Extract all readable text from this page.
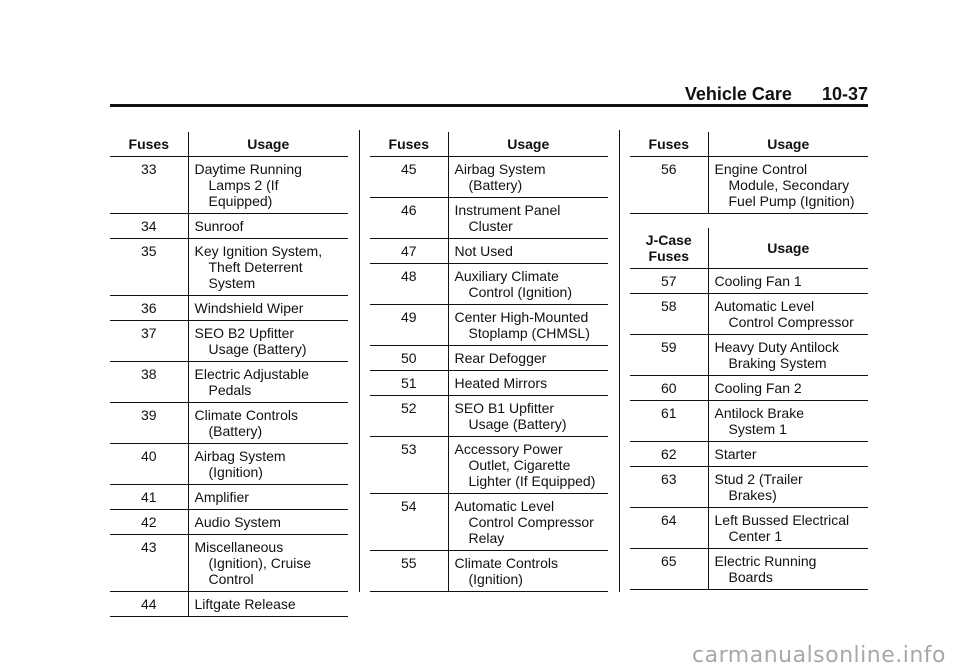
Vehicle Care 10-37
Fuses	Usage
33	Daytime Running
Lamps 2 (If Equipped)

34	Sunroof

35	Key Ignition System,
Theft Deterrent
System

36	Windshield Wiper

37	SEO B2 Upfitter
Usage (Battery)

38	Electric Adjustable
Pedals

39	Climate Controls
(Battery)

40	Airbag System
(Ignition)

41	Amplifier

42	Audio System

43	Miscellaneous
(Ignition), Cruise
Control

44	Liftgate Release
Fuses	Usage
45	Airbag System
(Battery)

46	Instrument Panel
Cluster

47	Not Used

48	Auxiliary Climate
Control (Ignition)

49	Center High-Mounted
Stoplamp (CHMSL)

50	Rear Defogger

51	Heated Mirrors

52	SEO B1 Upfitter
Usage (Battery)

53	Accessory Power
Outlet, Cigarette
Lighter (If Equipped)

54	Automatic Level
Control Compressor
Relay

55	Climate Controls
(Ignition)
Fuses	Usage
56	Engine Control
Module, Secondary
Fuel Pump (Ignition)
J-Case Fuses	Usage
57	Cooling Fan 1

58	Automatic Level
Control Compressor

59	Heavy Duty Antilock
Braking System

60	Cooling Fan 2

61	Antilock Brake
System 1

62	Starter

63	Stud 2 (Trailer
Brakes)

64	Left Bussed Electrical
Center 1

65	Electric Running
Boards
carmanualsonline.info
